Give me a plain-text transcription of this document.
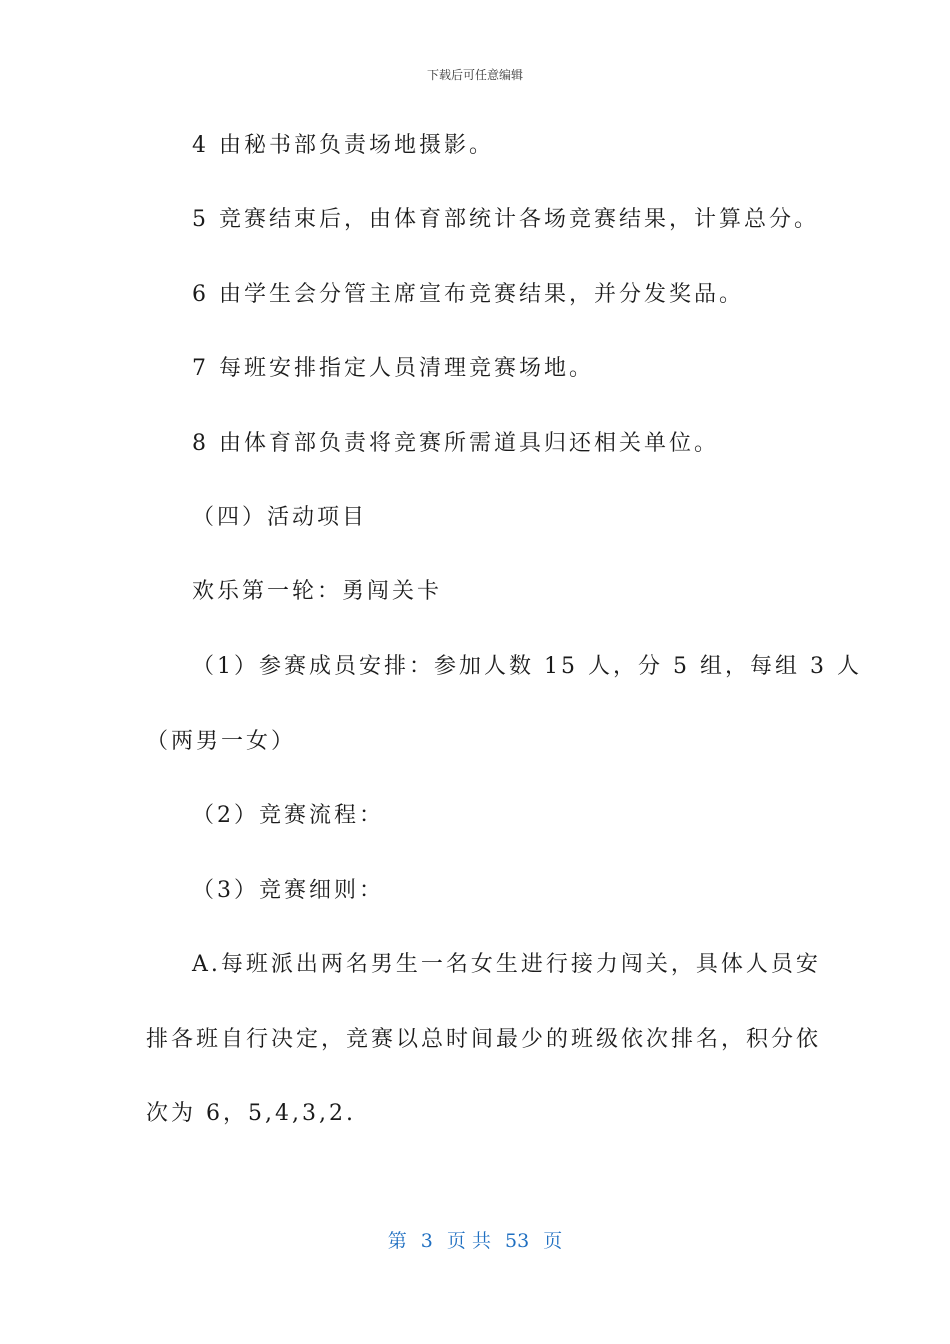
下载后可任意编辑
4 由秘书部负责场地摄影。
5 竞赛结束后，由体育部统计各场竞赛结果，计算总分。
6 由学生会分管主席宣布竞赛结果，并分发奖品。
7 每班安排指定人员清理竞赛场地。
8 由体育部负责将竞赛所需道具归还相关单位。
（四）活动项目
欢乐第一轮：勇闯关卡
（1）参赛成员安排：参加人数 15 人，分 5 组，每组 3 人
（两男一女）
（2）竞赛流程：
（3）竞赛细则：
A.每班派出两名男生一名女生进行接力闯关，具体人员安
排各班自行决定，竞赛以总时间最少的班级依次排名，积分依
次为 6，5,4,3,2.
第 3 页 共 53 页
